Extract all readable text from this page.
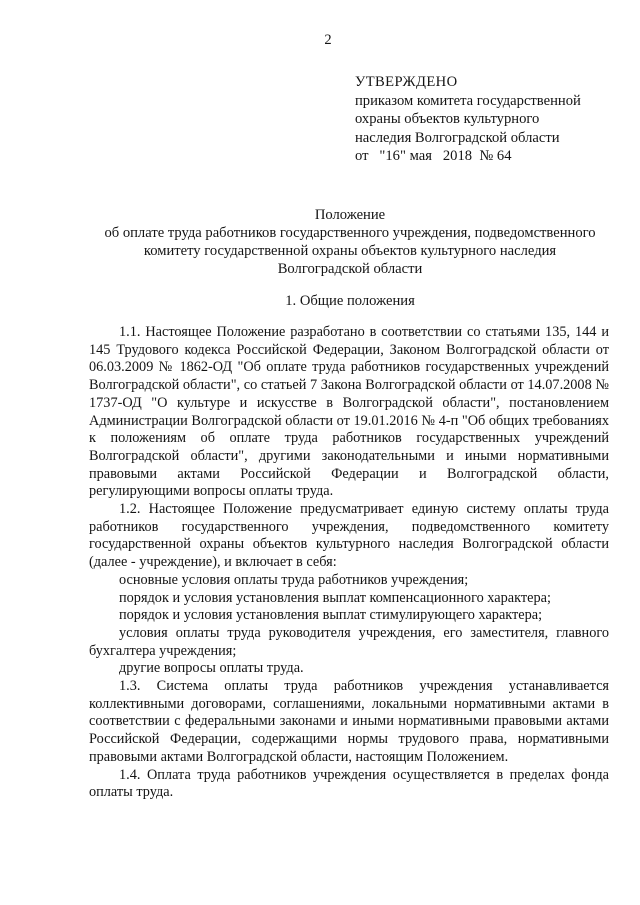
2
УТВЕРЖДЕНО
приказом комитета государственной
охраны объектов культурного
наследия Волгоградской области
от   "16" мая   2018  № 64
Положение
об оплате труда работников государственного учреждения, подведомственного
комитету государственной охраны объектов культурного наследия
Волгоградской области
1. Общие положения

1.1. Настоящее Положение разработано в соответствии со статьями 135, 144 и 145 Трудового кодекса Российской Федерации, Законом Волгоградской области от 06.03.2009 № 1862-ОД "Об оплате труда работников государственных учреждений Волгоградской области", со статьей 7 Закона Волгоградской области от 14.07.2008 № 1737-ОД "О культуре и искусстве в Волгоградской области", постановлением Администрации Волгоградской области от 19.01.2016 № 4-п "Об общих требованиях к положениям об оплате труда работников государственных учреждений Волгоградской области", другими законодательными и иными нормативными правовыми актами Российской Федерации и Волгоградской области, регулирующими вопросы оплаты труда.

1.2. Настоящее Положение предусматривает единую систему оплаты труда работников государственного учреждения, подведомственного комитету государственной охраны объектов культурного наследия Волгоградской области (далее - учреждение), и включает в себя:

основные условия оплаты труда работников учреждения;
порядок и условия установления выплат компенсационного характера;
порядок и условия установления выплат стимулирующего характера;
условия оплаты труда руководителя учреждения, его заместителя, главного бухгалтера учреждения;
другие вопросы оплаты труда.

1.3. Система оплаты труда работников учреждения устанавливается коллективными договорами, соглашениями, локальными нормативными актами в соответствии с федеральными законами и иными нормативными правовыми актами Российской Федерации, содержащими нормы трудового права, нормативными правовыми актами Волгоградской области, настоящим Положением.

1.4. Оплата труда работников учреждения осуществляется в пределах фонда оплаты труда.
